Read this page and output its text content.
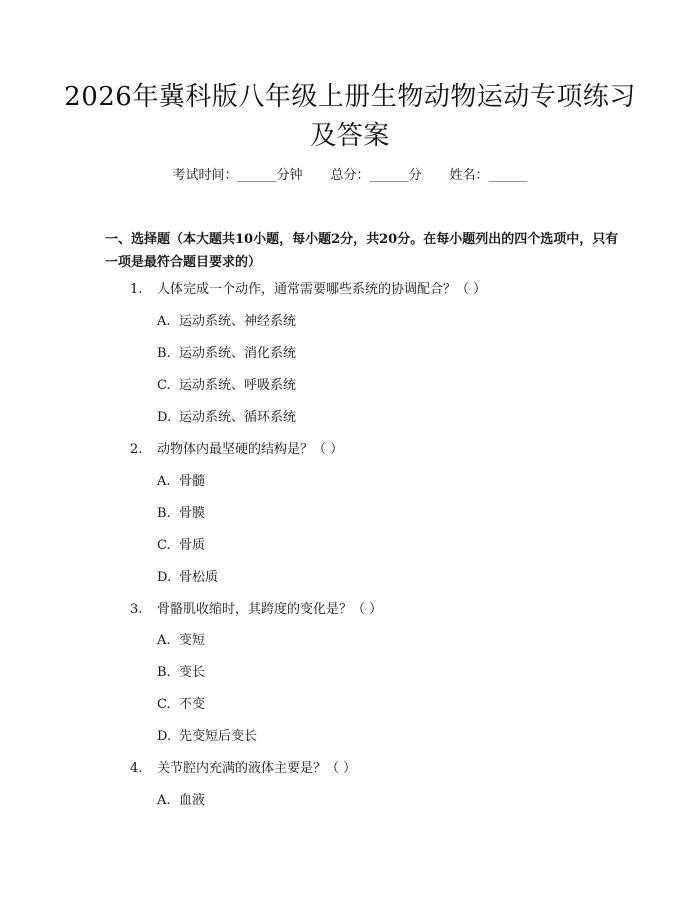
2026年冀科版八年级上册生物动物运动专项练习及答案
考试时间：______分钟 总分：______分 姓名：______
一、选择题（本大题共10小题，每小题2分，共20分。在每小题列出的四个选项中，只有一项是最符合题目要求的）
1. 人体完成一个动作，通常需要哪些系统的协调配合？（ ）
A. 运动系统、神经系统
B. 运动系统、消化系统
C. 运动系统、呼吸系统
D. 运动系统、循环系统
2. 动物体内最坚硬的结构是？（ ）
A. 骨髓
B. 骨膜
C. 骨质
D. 骨松质
3. 骨骼肌收缩时，其跨度的变化是？（ ）
A. 变短
B. 变长
C. 不变
D. 先变短后变长
4. 关节腔内充满的液体主要是？（ ）
A. 血液
